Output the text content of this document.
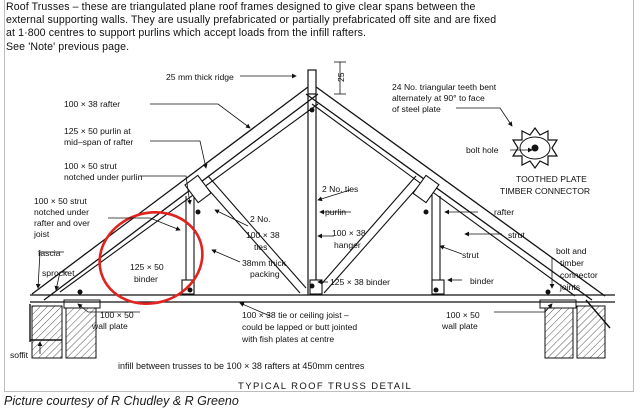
Roof Trusses – these are triangulated plane roof frames designed to give clear spans between the

external supporting walls. They are usually prefabricated or partially prefabricated off site and are fixed

at 1·800 centres to support purlins which accept loads from the infill rafters.

See 'Note' previous page.

25
25 mm thick ridge
100 × 38 rafter
125 × 50 purlin at
mid–span of rafter
100 × 50 strut
notched under purlin
100 × 50 strut
notched under
rafter and over
joist
fascia
sprocket
125 × 50
binder
2 No.
100 × 38
ties
38mm thick
packing
2 No. ties
purlin
100 × 38
hanger
125 × 38 binder
24 No. triangular teeth bent
alternately at 90° to face
of steel plate
bolt hole
TOOTHED PLATE
TIMBER CONNECTOR
rafter
strut
strut
binder
bolt and
timber
connector
joints
100 × 50
wall plate
100 × 38 tie or ceiling joist –
could be lapped or butt jointed
with fish plates at centre
100 × 50
wall plate
soffit
infill between trusses to be 100 × 38 rafters at 450mm centres
TYPICAL ROOF TRUSS DETAIL
Picture courtesy of R Chudley & R Greeno
